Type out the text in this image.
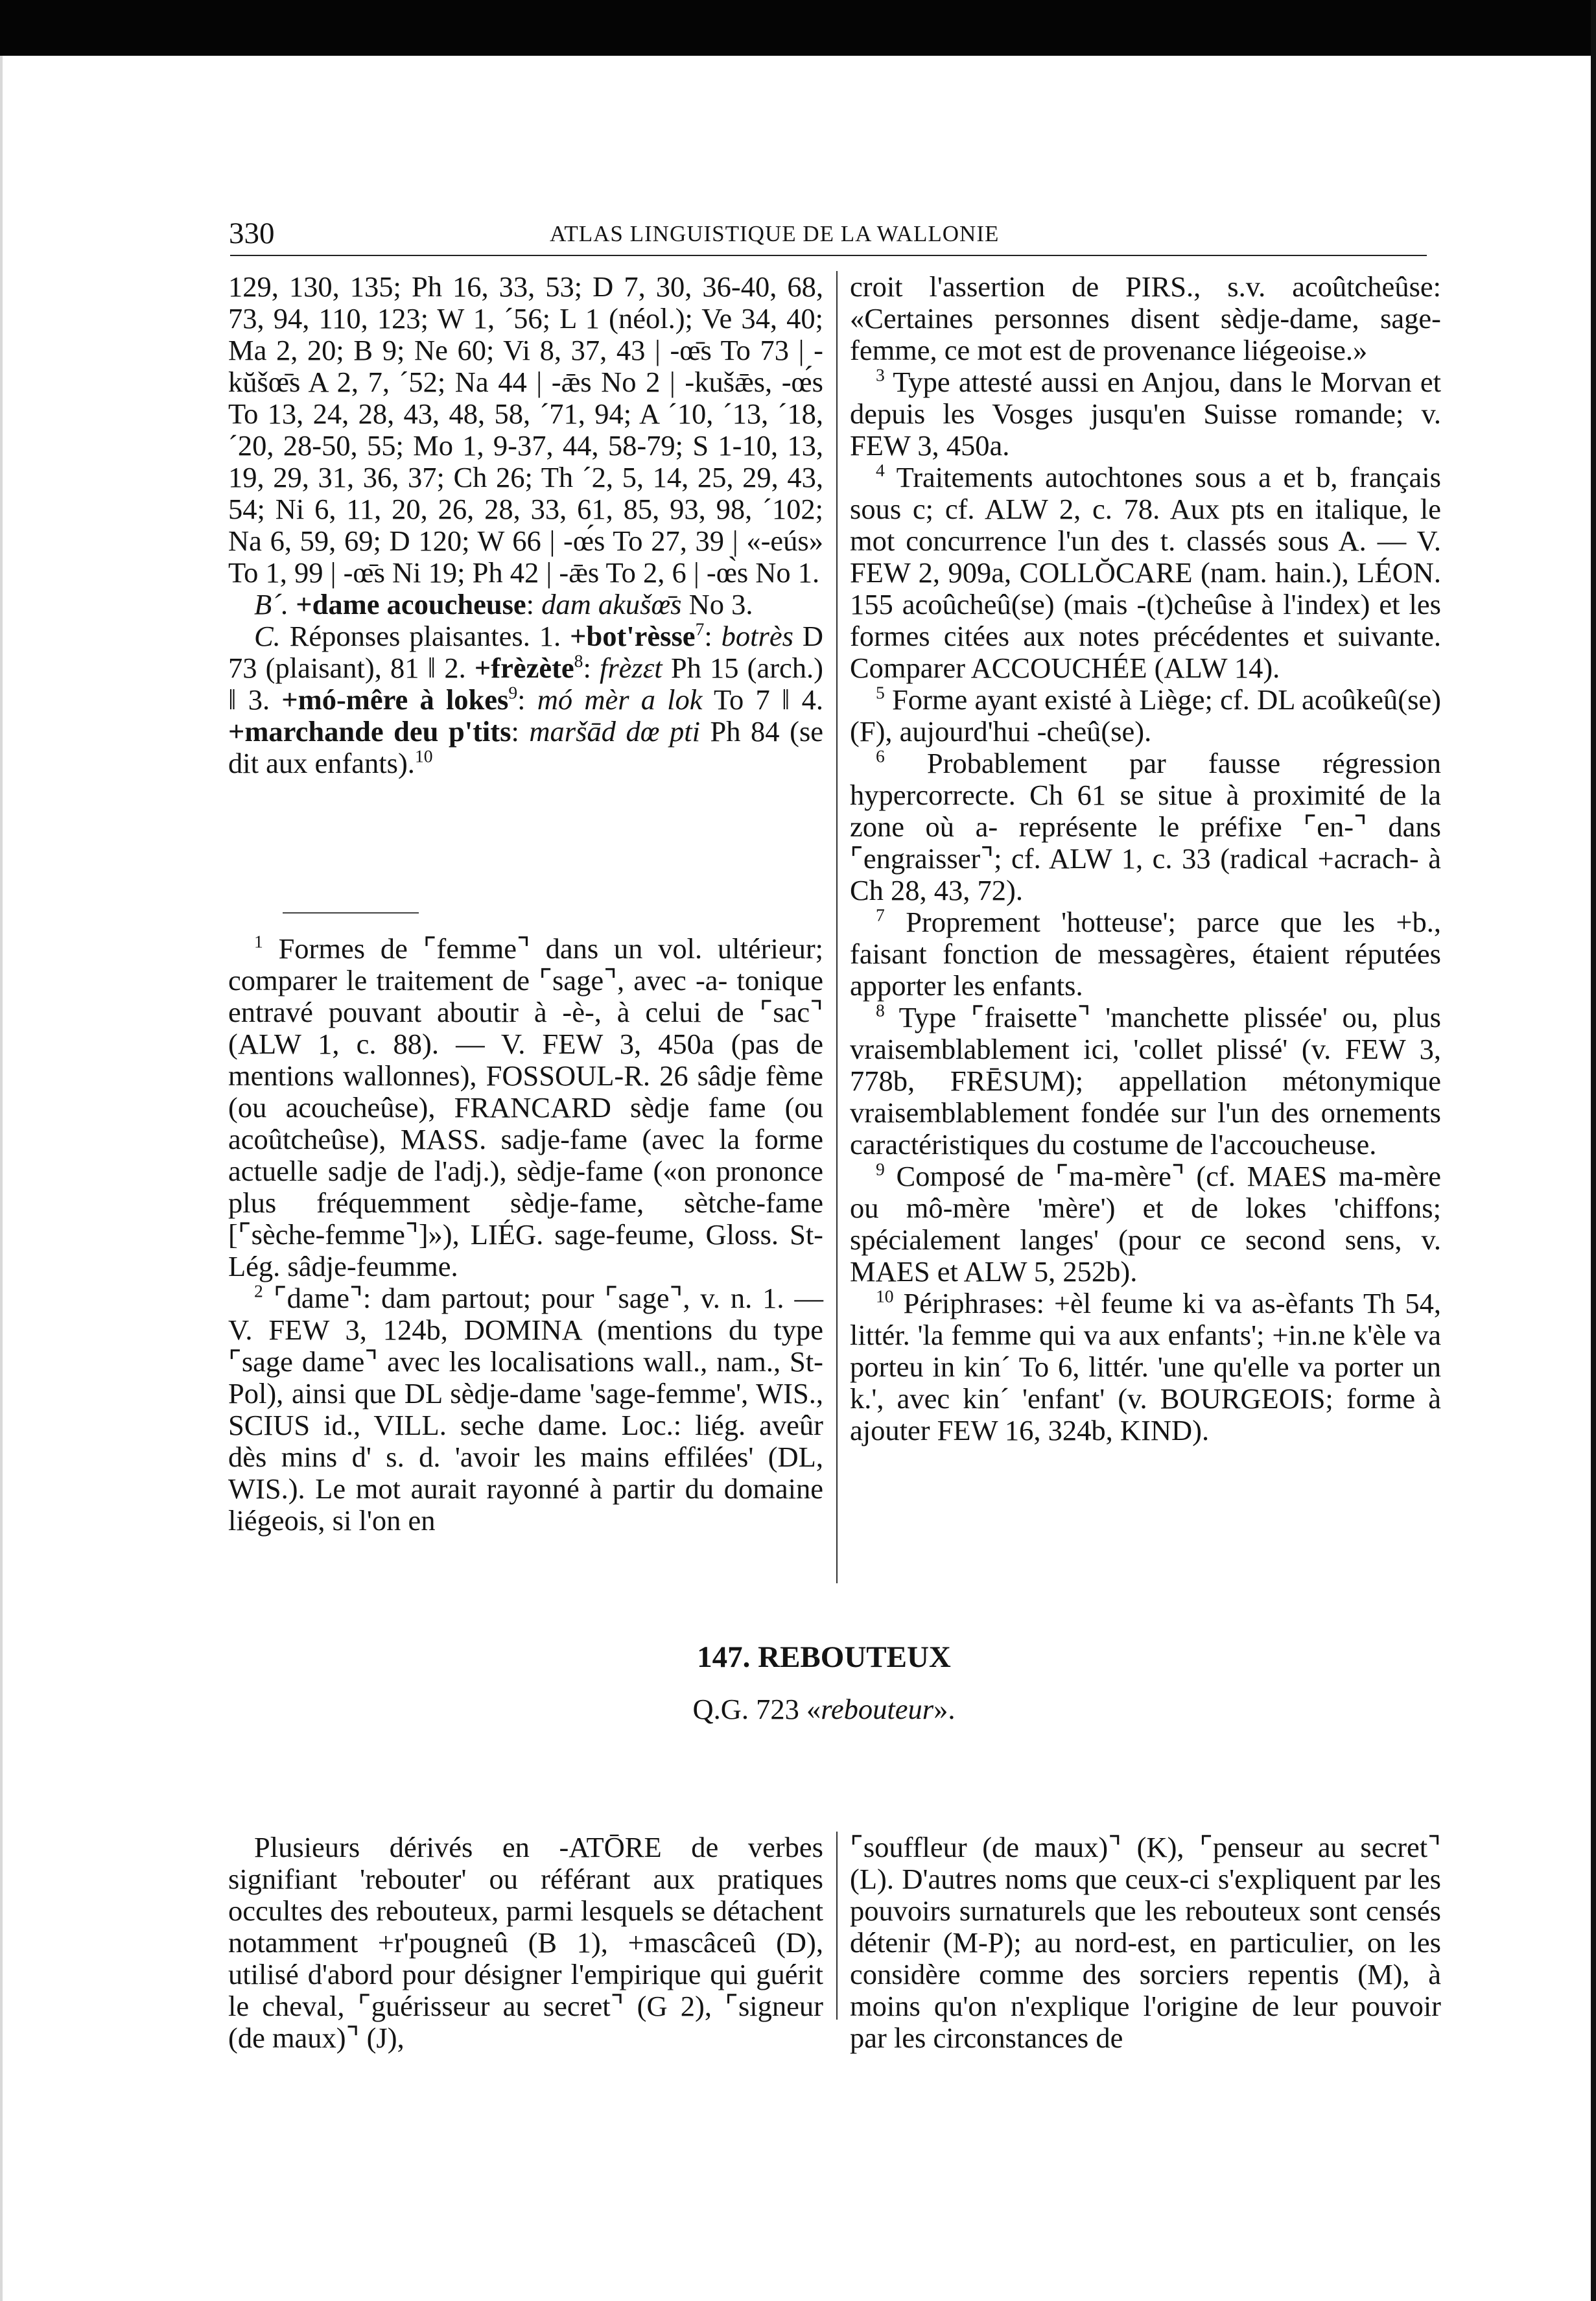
330	ATLAS LINGUISTIQUE DE LA WALLONIE

129, 130, 135; Ph 16, 33, 53; D 7, 30, 36-40, 68, 73, 94, 110, 123; W 1, ´56; L 1 (néol.); Ve 34, 40; Ma 2, 20; B 9; Ne 60; Vi 8, 37, 43 | -œ̄s To 73 | -kŭšœ̄s A 2, 7, ´52; Na 44 | -ǣs No 2 | -kušǣs, -œ́s To 13, 24, 28, 43, 48, 58, ´71, 94; A ´10, ´13, ´18, ´20, 28-50, 55; Mo 1, 9-37, 44, 58-79; S 1-10, 13, 19, 29, 31, 36, 37; Ch 26; Th ´2, 5, 14, 25, 29, 43, 54; Ni 6, 11, 20, 26, 28, 33, 61, 85, 93, 98, ´102; Na 6, 59, 69; D 120; W 66 | -œ́s To 27, 39 | «-eús» To 1, 99 | -œ̄s Ni 19; Ph 42 | -ǣs To 2, 6 | -œ̀s No 1.

B´. +dame acoucheuse: dam akušœ̄s No 3.

C. Réponses plaisantes. 1. +bot'rèsse$^7$: botrès D 73 (plaisant), 81 ‖ 2. +frèzète$^8$: frèzɛt Ph 15 (arch.) ‖ 3. +mó-mêre à lokes$^9$: mó mèr a lok To 7 ‖ 4. +marchande deu p'tits: maršād dœ pti Ph 84 (se dit aux enfants).$^{10}$

$^1$ Formes de ⌜femme⌝ dans un vol. ultérieur; comparer le traitement de ⌜sage⌝, avec -a- tonique entravé pouvant aboutir à -è-, à celui de ⌜sac⌝ (ALW 1, c. 88). — V. FEW 3, 450a (pas de mentions wallonnes), FOSSOUL-R. 26 sâdje fème (ou acoucheûse), FRANCARD sèdje fame (ou acoûtcheûse), MASS. sadje-fame (avec la forme actuelle sadje de l'adj.), sèdje-fame («on prononce plus fréquemment sèdje-fame, sètche-fame [⌜sèche-femme⌝]»), LIÉG. sage-feume, Gloss. St-Lég. sâdje-feumme.

$^2$ ⌜dame⌝: dam partout; pour ⌜sage⌝, v. n. 1. — V. FEW 3, 124b, DOMINA (mentions du type ⌜sage dame⌝ avec les localisations wall., nam., St-Pol), ainsi que DL sèdje-dame 'sage-femme', WIS., SCIUS id., VILL. seche dame. Loc.: liég. aveûr dès mins d' s. d. 'avoir les mains effilées' (DL, WIS.). Le mot aurait rayonné à partir du domaine liégeois, si l'on en

croit l'assertion de PIRS., s.v. acoûtcheûse: «Certaines personnes disent sèdje-dame, sage-femme, ce mot est de provenance liégeoise.»

$^3$ Type attesté aussi en Anjou, dans le Morvan et depuis les Vosges jusqu'en Suisse romande; v. FEW 3, 450a.

$^4$ Traitements autochtones sous a et b, français sous c; cf. ALW 2, c. 78. Aux pts en italique, le mot concurrence l'un des t. classés sous A. — V. FEW 2, 909a, COLLŎCARE (nam. hain.), LÉON. 155 acoûcheû(se) (mais -(t)cheûse à l'index) et les formes citées aux notes précédentes et suivante. Comparer ACCOUCHÉE (ALW 14).

$^5$ Forme ayant existé à Liège; cf. DL acoûkeû(se) (F), aujourd'hui -cheû(se).

$^6$ Probablement par fausse régression hypercorrecte. Ch 61 se situe à proximité de la zone où a- représente le préfixe ⌜en-⌝ dans ⌜engraisser⌝; cf. ALW 1, c. 33 (radical +acrach- à Ch 28, 43, 72).

$^7$ Proprement 'hotteuse'; parce que les +b., faisant fonction de messagères, étaient réputées apporter les enfants.

$^8$ Type ⌜fraisette⌝ 'manchette plissée' ou, plus vraisemblablement ici, 'collet plissé' (v. FEW 3, 778b, FRĒSUM); appellation métonymique vraisemblablement fondée sur l'un des ornements caractéristiques du costume de l'accoucheuse.

$^9$ Composé de ⌜ma-mère⌝ (cf. MAES ma-mère ou mô-mère 'mère') et de lokes 'chiffons; spécialement langes' (pour ce second sens, v. MAES et ALW 5, 252b).

$^{10}$ Périphrases: +èl feume ki va as-èfants Th 54, littér. 'la femme qui va aux enfants'; +in.ne k'èle va porteu in kin´ To 6, littér. 'une qu'elle va porter un k.', avec kin´ 'enfant' (v. BOURGEOIS; forme à ajouter FEW 16, 324b, KIND).

147. REBOUTEUX
Q.G. 723 «rebouteur».

Plusieurs dérivés en -ATŌRE de verbes signifiant 'rebouter' ou référant aux pratiques occultes des rebouteux, parmi lesquels se détachent notamment +r'pougneû (B 1), +mascâceû (D), utilisé d'abord pour désigner l'empirique qui guérit le cheval, ⌜guérisseur au secret⌝ (G 2), ⌜signeur (de maux)⌝ (J),

⌜souffleur (de maux)⌝ (K), ⌜penseur au secret⌝ (L). D'autres noms que ceux-ci s'expliquent par les pouvoirs surnaturels que les rebouteux sont censés détenir (M-P); au nord-est, en particulier, on les considère comme des sorciers repentis (M), à moins qu'on n'explique l'origine de leur pouvoir par les circonstances de
